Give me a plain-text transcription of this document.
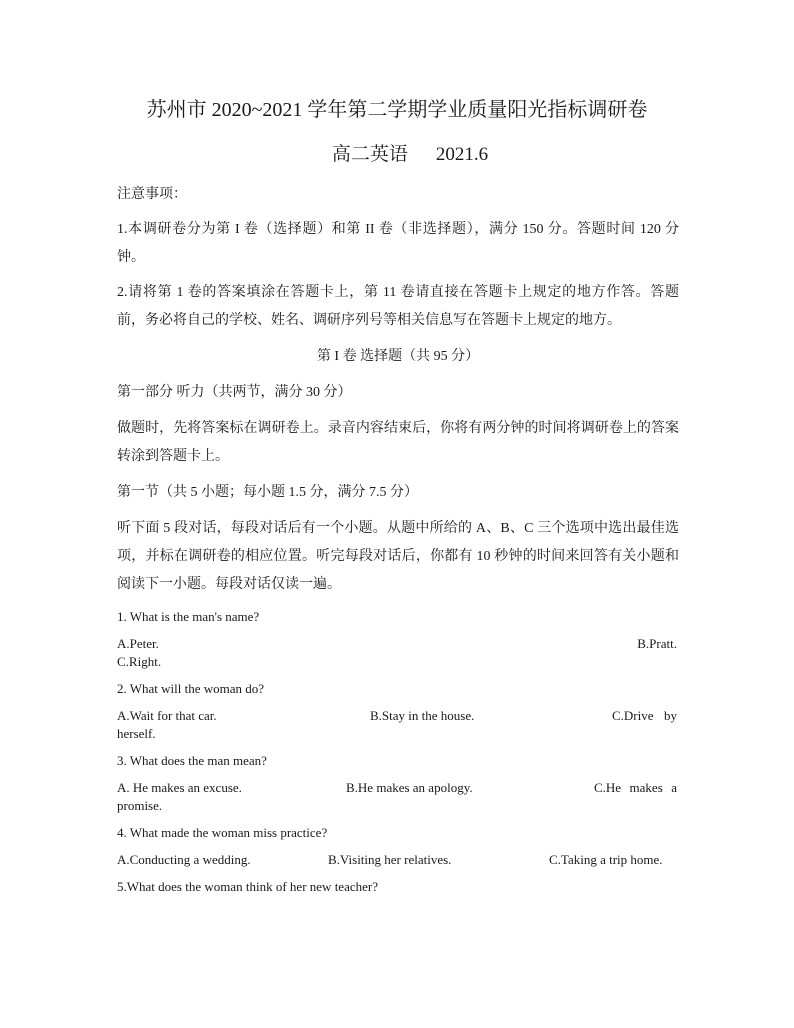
苏州市 2020~2021 学年第二学期学业质量阳光指标调研卷
高二英语 2021.6
注意事项：

1.本调研卷分为第 I 卷（选择题）和第 II 卷（非选择题），满分 150 分。答题时间 120 分钟。

2.请将第 1 卷的答案填涂在答题卡上，第 11 卷请直接在答题卡上规定的地方作答。答题前，务必将自己的学校、姓名、调研序列号等相关信息写在答题卡上规定的地方。

第 I 卷 选择题（共 95 分）
第一部分 听力（共两节，满分 30 分）

做题时，先将答案标在调研卷上。录音内容结束后，你将有两分钟的时间将调研卷上的答案转涂到答题卡上。

第一节（共 5 小题；每小题 1.5 分，满分 7.5 分）

听下面 5 段对话，每段对话后有一个小题。从题中所给的 A、B、C 三个选项中选出最佳选项，并标在调研卷的相应位置。听完每段对话后，你都有 10 秒钟的时间来回答有关小题和阅读下一小题。每段对话仅读一遍。

1. What is the man's name?
A.Peter.	B.Pratt.

C.Right.

2. What will the woman do?
A.Wait for that car.	B.Stay in the house.	C.Drive by herself.

3. What does the man mean?
A. He makes an excuse.	B.He makes an apology.	C.He makes a promise.

4. What made the woman miss practice?
A.Conducting a wedding.	B.Visiting her relatives.	C.Taking a trip home.

5.What does the woman think of her new teacher?
